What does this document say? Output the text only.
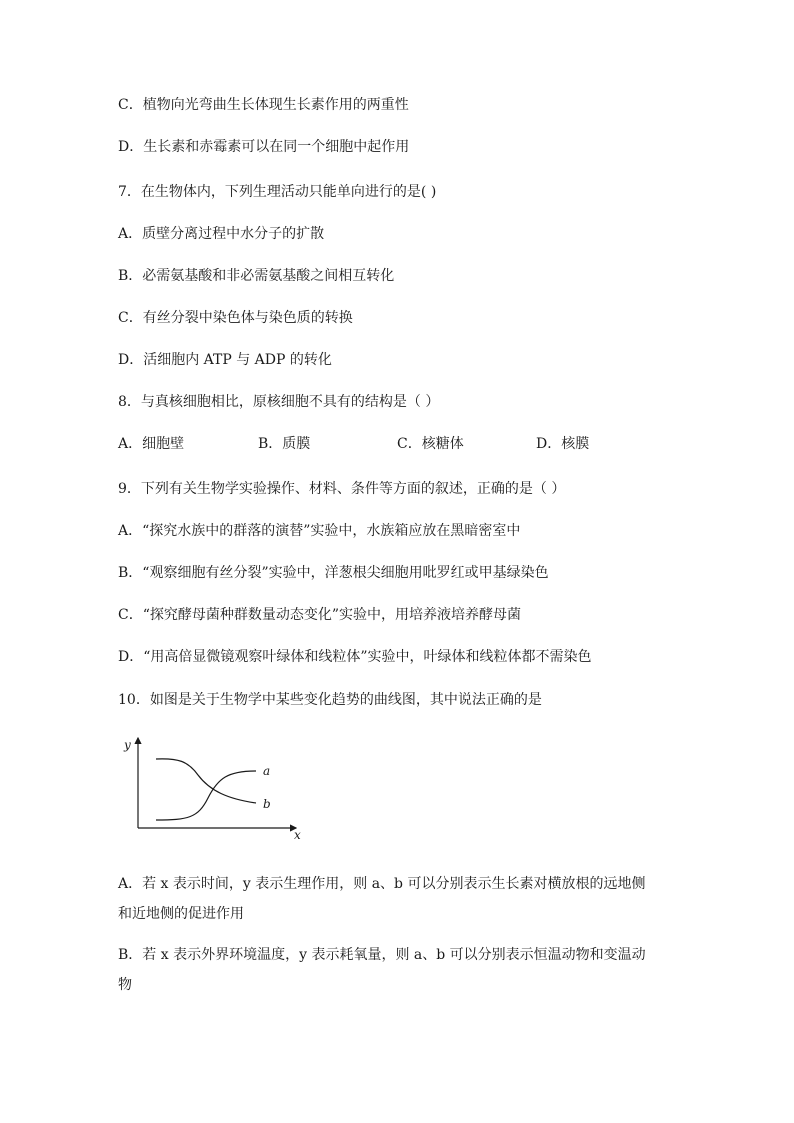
C．植物向光弯曲生长体现生长素作用的两重性
D．生长素和赤霉素可以在同一个细胞中起作用
7．在生物体内，下列生理活动只能单向进行的是( )
A．质壁分离过程中水分子的扩散
B．必需氨基酸和非必需氨基酸之间相互转化
C．有丝分裂中染色体与染色质的转换
D．活细胞内 ATP 与 ADP 的转化
8．与真核细胞相比，原核细胞不具有的结构是（ ）
A．细胞壁	B．质膜	C．核糖体	D．核膜
9．下列有关生物学实验操作、材料、条件等方面的叙述，正确的是（ ）
A．“探究水族中的群落的演替”实验中，水族箱应放在黑暗密室中
B．“观察细胞有丝分裂”实验中，洋葱根尖细胞用吡罗红或甲基绿染色
C．“探究酵母菌种群数量动态变化”实验中，用培养液培养酵母菌
D．“用高倍显微镜观察叶绿体和线粒体”实验中，叶绿体和线粒体都不需染色
10．如图是关于生物学中某些变化趋势的曲线图，其中说法正确的是
y
x
a
b
A．若 x 表示时间，y 表示生理作用，则 a、b 可以分别表示生长素对横放根的远地侧
和近地侧的促进作用
B．若 x 表示外界环境温度，y 表示耗氧量，则 a、b 可以分别表示恒温动物和变温动
物
